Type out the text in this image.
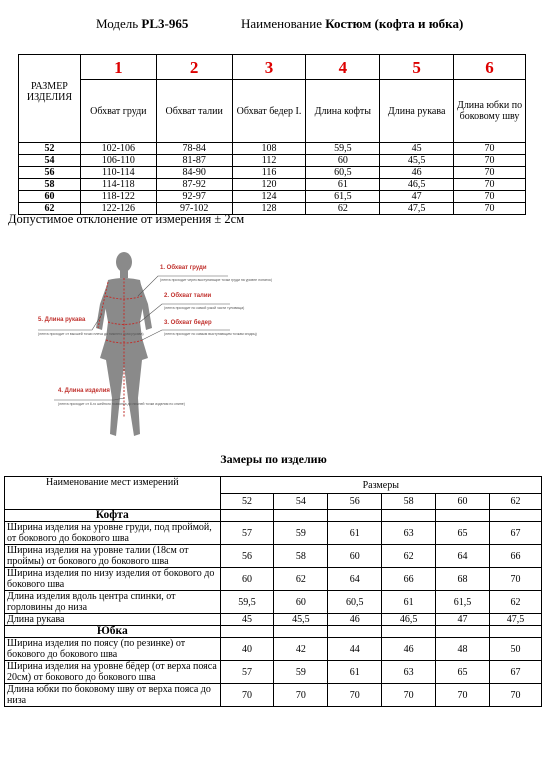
Модель PL3-965	Наименование Костюм (кофта и юбка)
РАЗМЕР ИЗДЕЛИЯ	1	2	3	4	5	6
	Обхват груди	Обхват талии	Обхват бедер I.	Длина кофты	Длина рукава	Длина юбки по боковому шву
52	102-106	78-84	108	59,5	45	70
54	106-110	81-87	112	60	45,5	70
56	110-114	84-90	116	60,5	46	70
58	114-118	87-92	120	61	46,5	70
60	118-122	92-97	124	61,5	47	70
62	122-126	97-102	128	62	47,5	70
Допустимое отклонение от измерения ± 2см
1. Обхват груди
(лента проходит через выступающие точки груди на уровне лопаток)
2. Обхват талии
(лента проходит по самой узкой части туловища)
3. Обхват бедер
(лента проходит по самым выступающим точкам ягодиц)
5. Длина рукава
(лента проходит от высшей точки плеча до нижнего края рукава)
4. Длина изделия
(лента проходит от 6-го шейного позвонка до нижней точки изделия по спине)
Замеры по изделию
Наименование мест измерений	Размеры					
	52	54	56	58	60	62
Кофта						
Ширина изделия на уровне груди, под проймой, от бокового до бокового шва	57	59	61	63	65	67
Ширина изделия на уровне талии (18см от проймы) от бокового до бокового шва	56	58	60	62	64	66
Ширина изделия по низу изделия от бокового до бокового шва	60	62	64	66	68	70
Длина изделия вдоль центра спинки, от горловины до низа	59,5	60	60,5	61	61,5	62
Длина рукава	45	45,5	46	46,5	47	47,5
Юбка						
Ширина изделия по поясу (по резинке) от бокового до бокового шва	40	42	44	46	48	50
Ширина изделия на уровне бёдер (от верха пояса 20см) от бокового до бокового шва	57	59	61	63	65	67
Длина юбки по боковому шву от верха пояса до низа	70	70	70	70	70	70
